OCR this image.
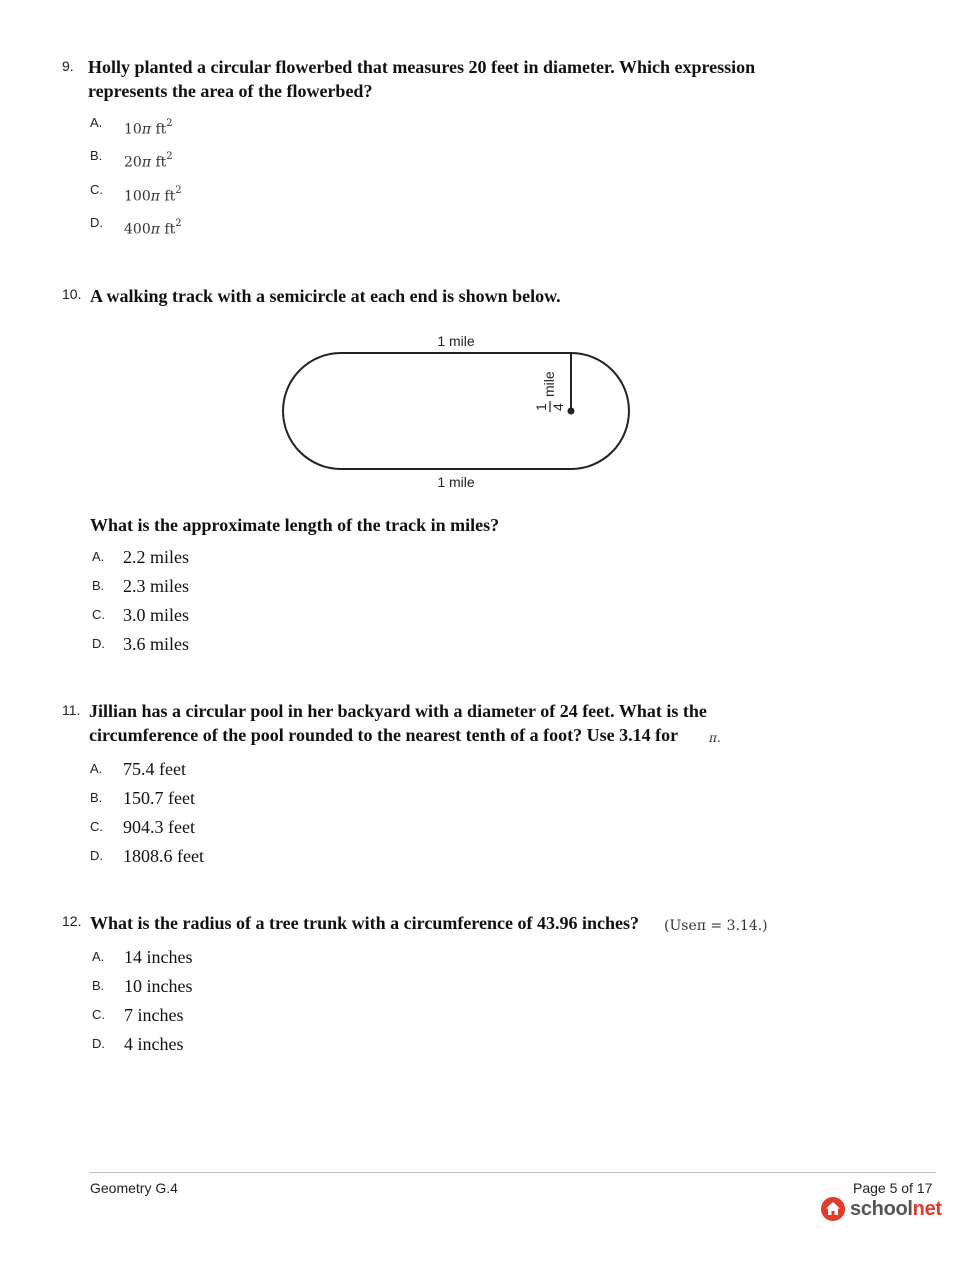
9. Holly planted a circular flowerbed that measures 20 feet in diameter. Which expression
represents the area of the flowerbed?
A. 10π $ft^2$
B. 20π $ft^2$
C. 100π $ft^2$
D. 400π $ft^2$
10. A walking track with a semicircle at each end is shown below.
1 mile
1 mile
1 4
mile
What is the approximate length of the track in miles?
A. 2.2 miles
B. 2.3 miles
C. 3.0 miles
D. 3.6 miles
11. Jillian has a circular pool in her backyard with a diameter of 24 feet. What is the
circumference of the pool rounded to the nearest tenth of a foot? Use 3.14 for	π.
A. 75.4 feet
B. 150.7 feet
C. 904.3 feet
D. 1808.6 feet
12. What is the radius of a tree trunk with a circumference of 43.96 inches? (Useπ = 3.14.)
A. 14 inches
B. 10 inches
C. 7 inches
D. 4 inches
Geometry G.4	Page 5 of 17
schoolnet
